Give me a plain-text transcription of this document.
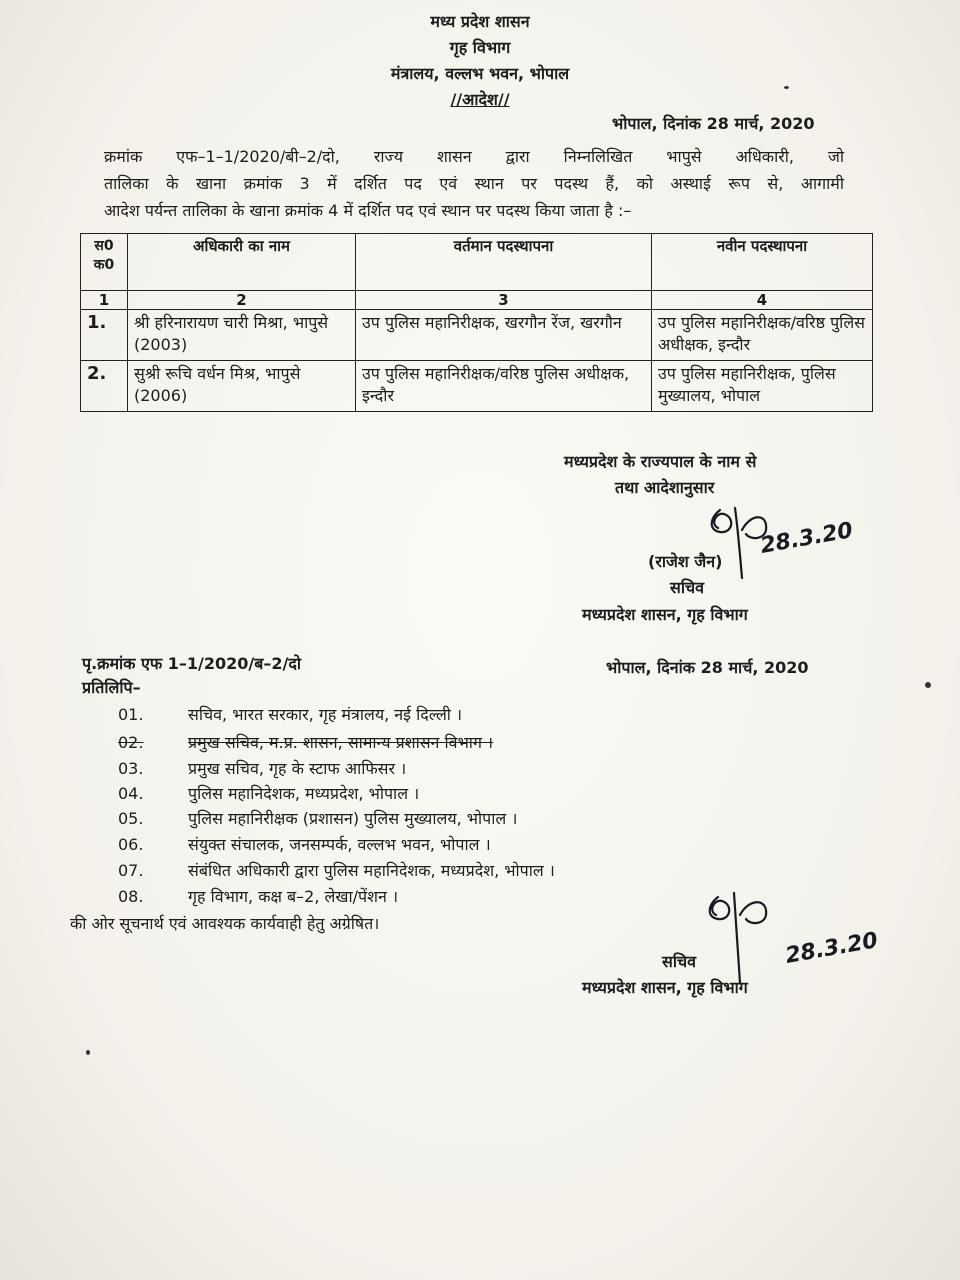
मध्य प्रदेश शासन
गृह विभाग
मंत्रालय, वल्लभ भवन, भोपाल
//आदेश//
भोपाल, दिनांक 28 मार्च, 2020
क्रमांक एफ–1–1/2020/बी–2/दो, राज्य शासन द्वारा निम्नलिखित भापुसे अधिकारी, जो
तालिका के खाना क्रमांक 3 में दर्शित पद एवं स्थान पर पदस्थ हैं, को अस्थाई रूप से, आगामी
आदेश पर्यन्त तालिका के खाना क्रमांक 4 में दर्शित पद एवं स्थान पर पदस्थ किया जाता है :–
स0 क0	अधिकारी का नाम	वर्तमान पदस्थापना	नवीन पदस्थापना
1	2	3	4
1.	श्री हरिनारायण चारी मिश्रा, भापुसे (2003)	उप पुलिस महानिरीक्षक, खरगौन रेंज, खरगौन	उप पुलिस महानिरीक्षक/वरिष्ठ पुलिस अधीक्षक, इन्दौर
2.	सुश्री रूचि वर्धन मिश्र, भापुसे (2006)	उप पुलिस महानिरीक्षक/वरिष्ठ पुलिस अधीक्षक, इन्दौर	उप पुलिस महानिरीक्षक, पुलिस मुख्यालय, भोपाल
मध्यप्रदेश के राज्यपाल के नाम से
तथा आदेशानुसार
28.3.20
(राजेश जैन)
सचिव
मध्यप्रदेश शासन, गृह विभाग
पृ.क्रमांक एफ 1–1/2020/ब–2/दो	भोपाल, दिनांक 28 मार्च, 2020
प्रतिलिपि–
01.	सचिव, भारत सरकार, गृह मंत्रालय, नई दिल्ली ।
02.	प्रमुख सचिव, म.प्र. शासन, सामान्य प्रशासन विभाग ।
03.	प्रमुख सचिव, गृह के स्टाफ आफिसर ।
04.	पुलिस महानिदेशक, मध्यप्रदेश, भोपाल ।
05.	पुलिस महानिरीक्षक (प्रशासन) पुलिस मुख्यालय, भोपाल ।
06.	संयुक्त संचालक, जनसम्पर्क, वल्लभ भवन, भोपाल ।
07.	संबंधित अधिकारी द्वारा पुलिस महानिदेशक, मध्यप्रदेश, भोपाल ।
08.	गृह विभाग, कक्ष ब–2, लेखा/पेंशन ।
की ओर सूचनार्थ एवं आवश्यक कार्यवाही हेतु अग्रेषित।
28.3.20
सचिव
मध्यप्रदेश शासन, गृह विभाग
